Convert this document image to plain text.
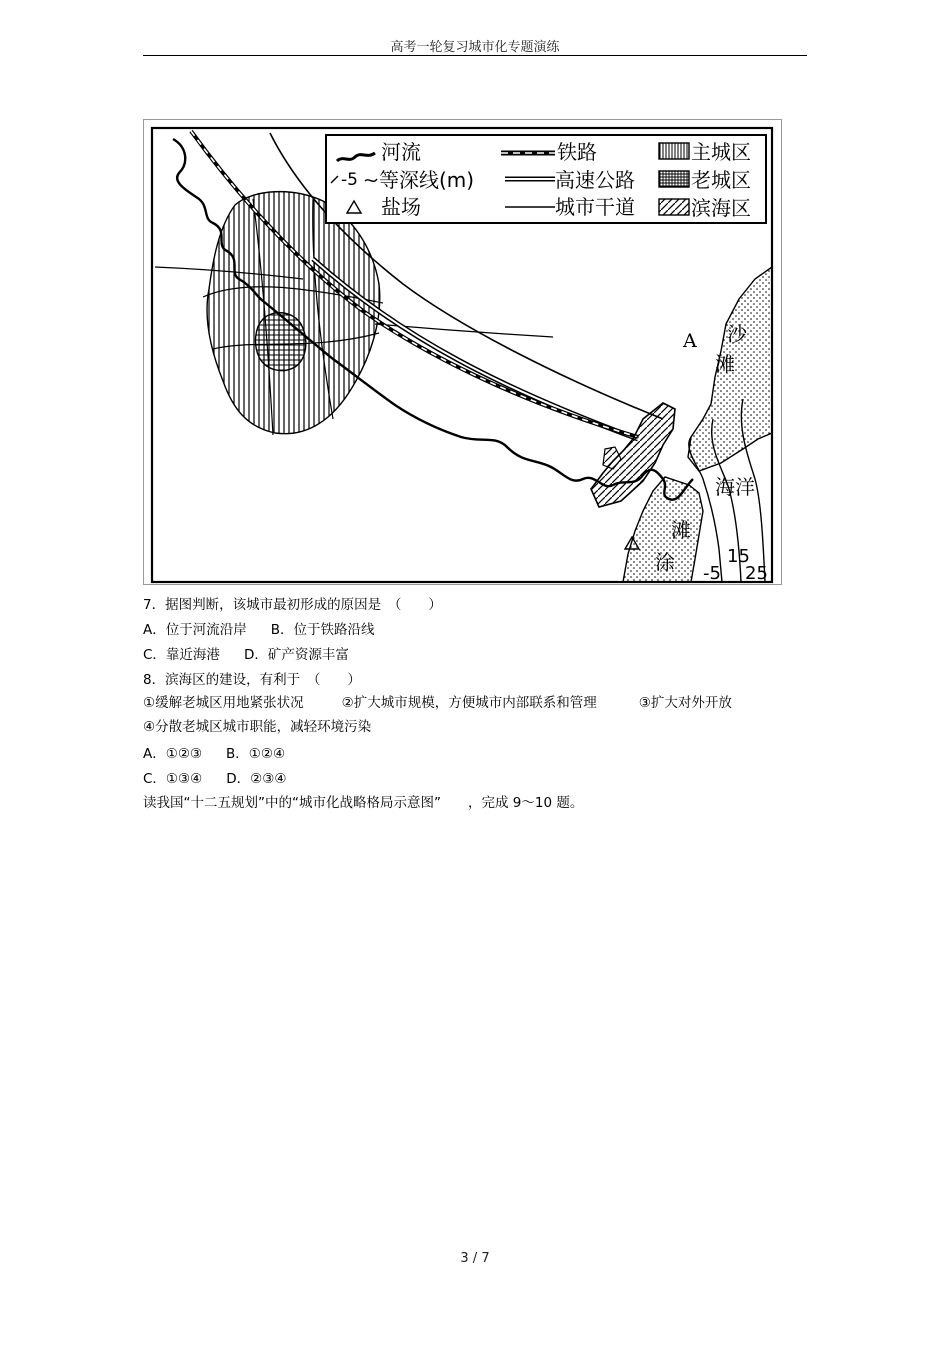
高考一轮复习城市化专题演练
河流
-5 等深线(m)
盐场
铁路
高速公路
城市干道
主城区
老城区
滨海区
A 沙
滩
海洋
滩
涂	15
-5 25
7．据图判断，该城市最初形成的原因是　（　　）
A．位于河流沿岸 B．位于铁路沿线
C．靠近海港 D．矿产资源丰富
8．滨海区的建设，有利于　（　　）
①缓解老城区用地紧张状况	②扩大城市规模，方便城市内部联系和管理	③扩大对外开放
④分散老城区城市职能，减轻环境污染
A．①②③ B．①②④
C．①③④ D．②③④
读我国“十二五规划”中的“城市化战略格局示意图”　　，完成 9～10 题。
3 / 7
